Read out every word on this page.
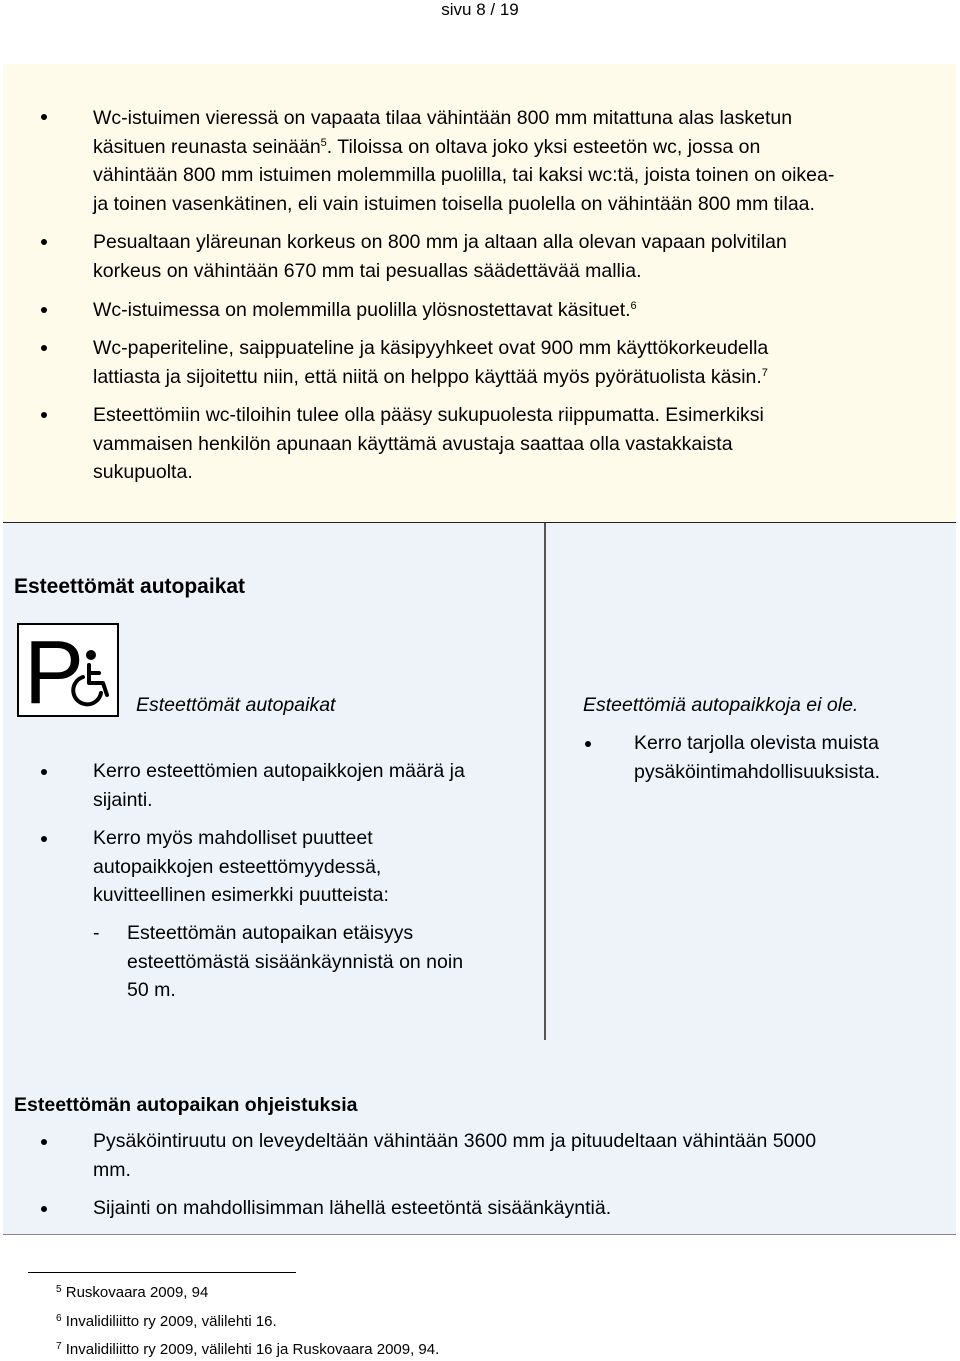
sivu 8 / 19
Wc-istuimen vieressä on vapaata tilaa vähintään 800 mm mitattuna alas lasketun
käsituen reunasta seinään$^5$. Tiloissa on oltava joko yksi esteetön wc, jossa on
vähintään 800 mm istuimen molemmilla puolilla, tai kaksi wc:tä, joista toinen on oikea-
ja toinen vasenkätinen, eli vain istuimen toisella puolella on vähintään 800 mm tilaa.
Pesualtaan yläreunan korkeus on 800 mm ja altaan alla olevan vapaan polvitilan
korkeus on vähintään 670 mm tai pesuallas säädettävää mallia.
Wc-istuimessa on molemmilla puolilla ylösnostettavat käsituet.$^6$
Wc-paperiteline, saippuateline ja käsipyyhkeet ovat 900 mm käyttökorkeudella
lattiasta ja sijoitettu niin, että niitä on helppo käyttää myös pyörätuolista käsin.$^7$
Esteettömiin wc-tiloihin tulee olla pääsy sukupuolesta riippumatta. Esimerkiksi
vammaisen henkilön apunaan käyttämä avustaja saattaa olla vastakkaista
sukupuolta.
Esteettömät autopaikat
P	Esteettömät autopaikat	Esteettömiä autopaikkoja ei ole.
Kerro esteettömien autopaikkojen määrä ja
sijainti.
Kerro myös mahdolliset puutteet
autopaikkojen esteettömyydessä,
kuvitteellinen esimerkki puutteista:
- Esteettömän autopaikan etäisyys
esteettömästä sisäänkäynnistä on noin
50 m.
Kerro tarjolla olevista muista
pysäköintimahdollisuuksista.
Esteettömän autopaikan ohjeistuksia
Pysäköintiruutu on leveydeltään vähintään 3600 mm ja pituudeltaan vähintään 5000
mm.
Sijainti on mahdollisimman lähellä esteetöntä sisäänkäyntiä.
$^5$ Ruskovaara 2009, 94
$^6$ Invalidiliitto ry 2009, välilehti 16.
$^7$ Invalidiliitto ry 2009, välilehti 16 ja Ruskovaara 2009, 94.
